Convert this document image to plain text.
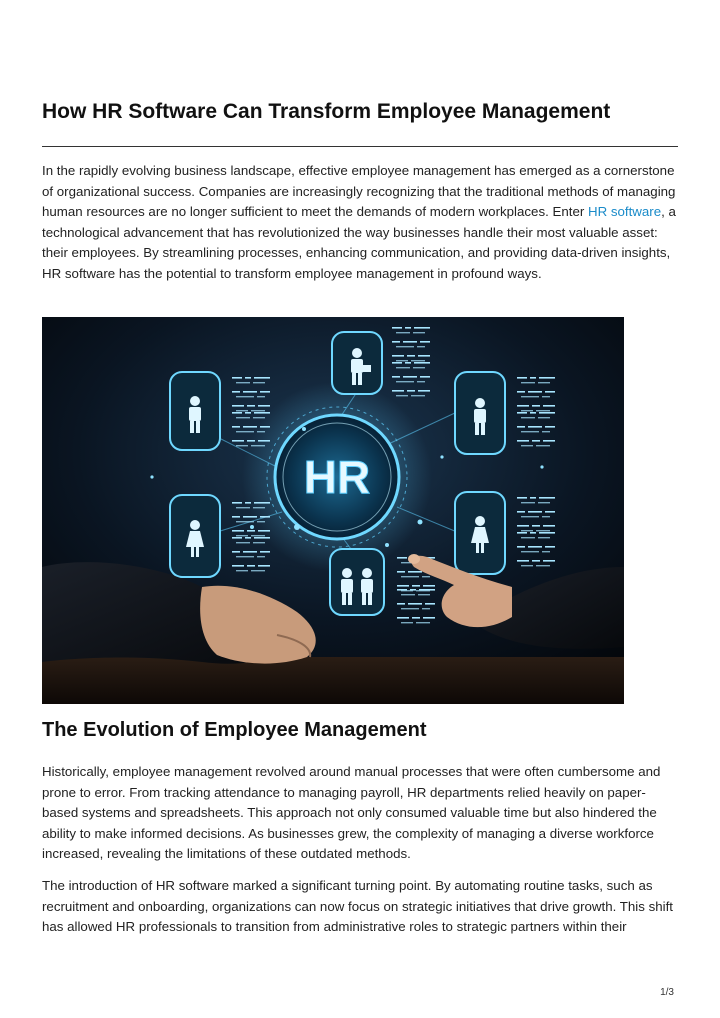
How HR Software Can Transform Employee Management

In the rapidly evolving business landscape, effective employee management has emerged as a cornerstone of organizational success. Companies are increasingly recognizing that the traditional methods of managing human resources are no longer sufficient to meet the demands of modern workplaces. Enter HR software, a technological advancement that has revolutionized the way businesses handle their most valuable asset: their employees. By streamlining processes, enhancing communication, and providing data-driven insights, HR software has the potential to transform employee management in profound ways.

HR
The Evolution of Employee Management

Historically, employee management revolved around manual processes that were often cumbersome and prone to error. From tracking attendance to managing payroll, HR departments relied heavily on paper-based systems and spreadsheets. This approach not only consumed valuable time but also hindered the ability to make informed decisions. As businesses grew, the complexity of managing a diverse workforce increased, revealing the limitations of these outdated methods.

The introduction of HR software marked a significant turning point. By automating routine tasks, such as recruitment and onboarding, organizations can now focus on strategic initiatives that drive growth. This shift has allowed HR professionals to transition from administrative roles to strategic partners within their

1/3
